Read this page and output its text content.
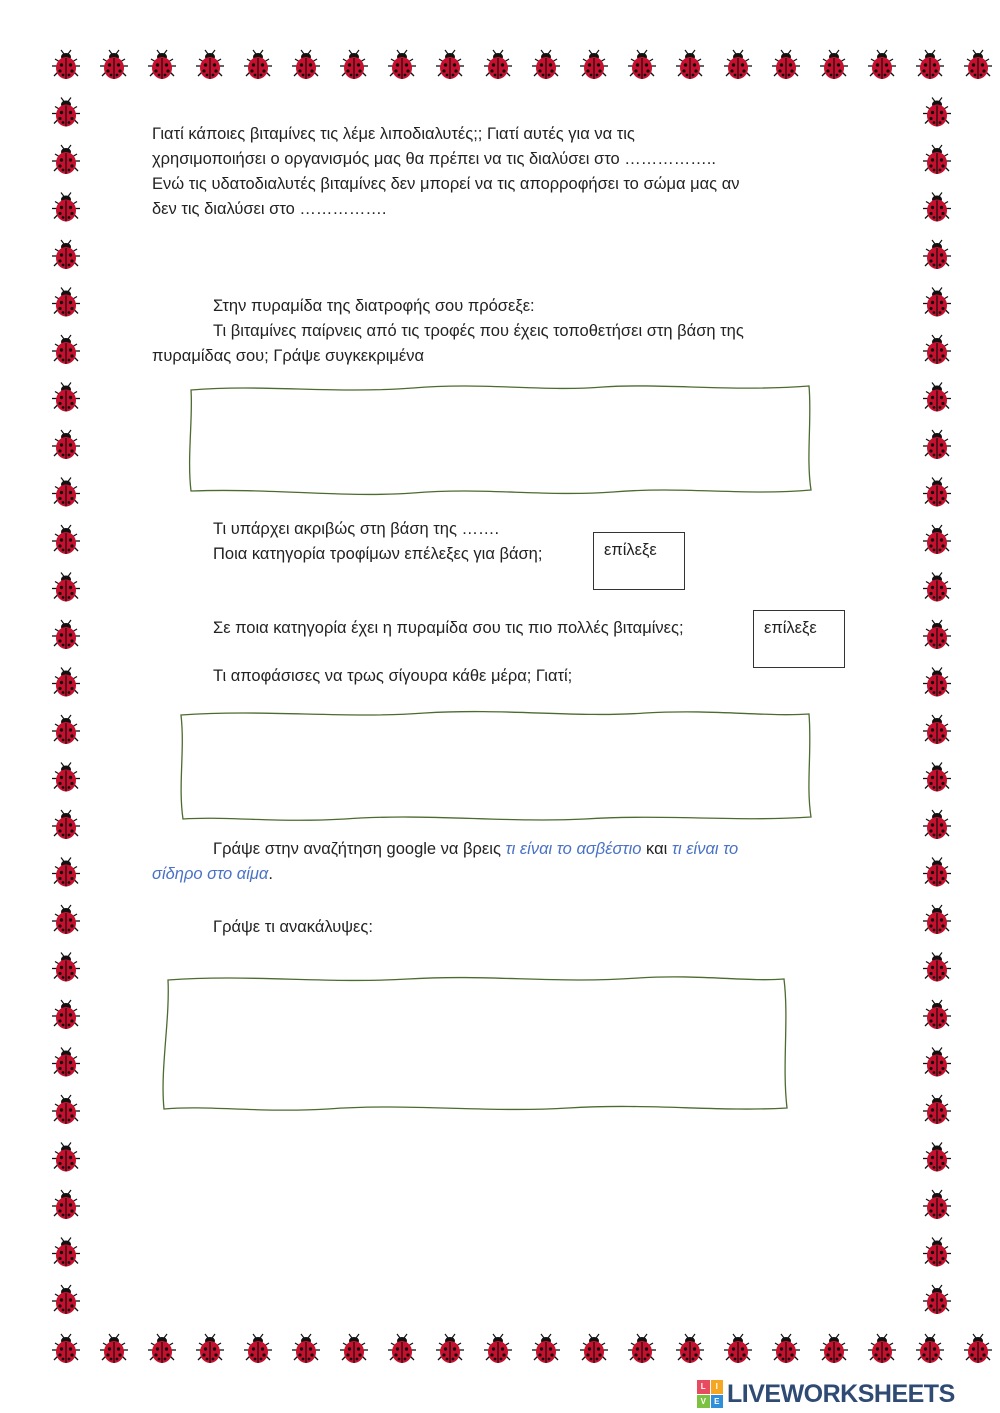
Γιατί κάποιες βιταμίνες τις λέμε λιποδιαλυτές;; Γιατί αυτές για να τις

χρησιμοποιήσει ο οργανισμός μας θα πρέπει να τις διαλύσει στο ……………..

Ενώ τις υδατοδιαλυτές βιταμίνες δεν μπορεί να τις απορροφήσει το σώμα μας αν

δεν τις διαλύσει στο …………….

Στην πυραμίδα της διατροφής σου πρόσεξε:

Τι βιταμίνες παίρνεις από τις τροφές που έχεις τοποθετήσει στη βάση της

πυραμίδας σου; Γράψε συγκεκριμένα

Τι υπάρχει ακριβώς στη βάση της …….

Ποια κατηγορία τροφίμων επέλεξες για βάση;	επίλεξε

Σε ποια κατηγορία έχει η πυραμίδα σου τις πιο πολλές βιταμίνες;	επίλεξε

Τι αποφάσισες να τρως σίγουρα κάθε μέρα; Γιατί;

Γράψε στην αναζήτηση google να βρεις τι είναι το ασβέστιο και τι είναι το

σίδηρο στο αίμα.

Γράψε τι ανακάλυψες:

L	I
V	E LIVEWORKSHEETS
